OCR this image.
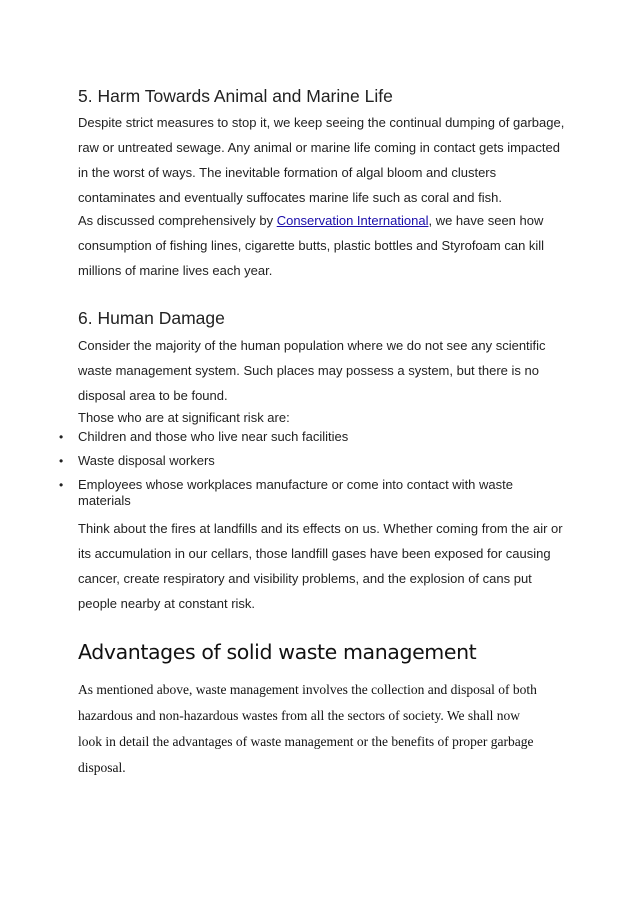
5. Harm Towards Animal and Marine Life

Despite strict measures to stop it, we keep seeing the continual dumping of garbage,
raw or untreated sewage. Any animal or marine life coming in contact gets impacted
in the worst of ways. The inevitable formation of algal bloom and clusters
contaminates and eventually suffocates marine life such as coral and fish.

As discussed comprehensively by Conservation International, we have seen how
consumption of fishing lines, cigarette butts, plastic bottles and Styrofoam can kill
millions of marine lives each year.

6. Human Damage

Consider the majority of the human population where we do not see any scientific
waste management system. Such places may possess a system, but there is no
disposal area to be found.

Those who are at significant risk are:

• Children and those who live near such facilities
• Waste disposal workers
• Employees whose workplaces manufacture or come into contact with waste materials

Think about the fires at landfills and its effects on us. Whether coming from the air or
its accumulation in our cellars, those landfill gases have been exposed for causing
cancer, create respiratory and visibility problems, and the explosion of cans put
people nearby at constant risk.

Advantages of solid waste management

As mentioned above, waste management involves the collection and disposal of both
hazardous and non-hazardous wastes from all the sectors of society. We shall now
look in detail the advantages of waste management or the benefits of proper garbage
disposal.
